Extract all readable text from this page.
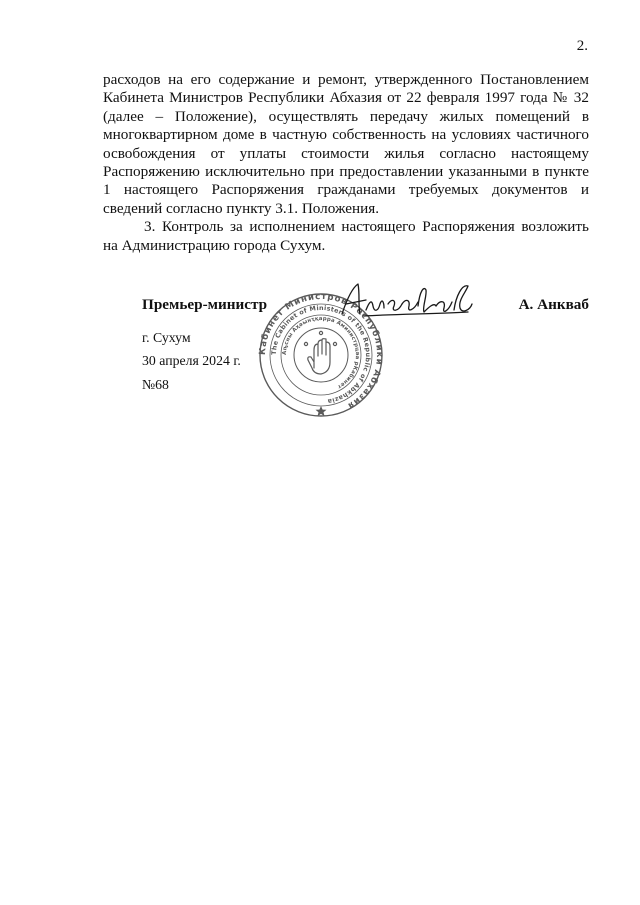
2.

расходов на его содержание и ремонт, утвержденного Постановлением Кабинета Министров Республики Абхазия от 22 февраля 1997 года № 32 (далее – Положение), осуществлять передачу жилых помещений в многоквартирном доме в частную собственность на условиях частичного освобождения от уплаты стоимости жилья согласно настоящему Распоряжению исключительно при предоставлении указанными в пункте 1 настоящего Распоряжения гражданами требуемых документов и сведений согласно пункту 3.1. Положения.

3. Контроль за исполнением настоящего Распоряжения возложить на Администрацию города Сухум.

Кабинет Министров Республики Абхазия
The Cabinet of Ministers of the Republic of Abkhazia
Аҧсны Аҳәынҭқарра Аминистрцәа рКабинет
Премьер-министр	А. Анкваб
г. Сухум
30 апреля 2024 г.
№68
